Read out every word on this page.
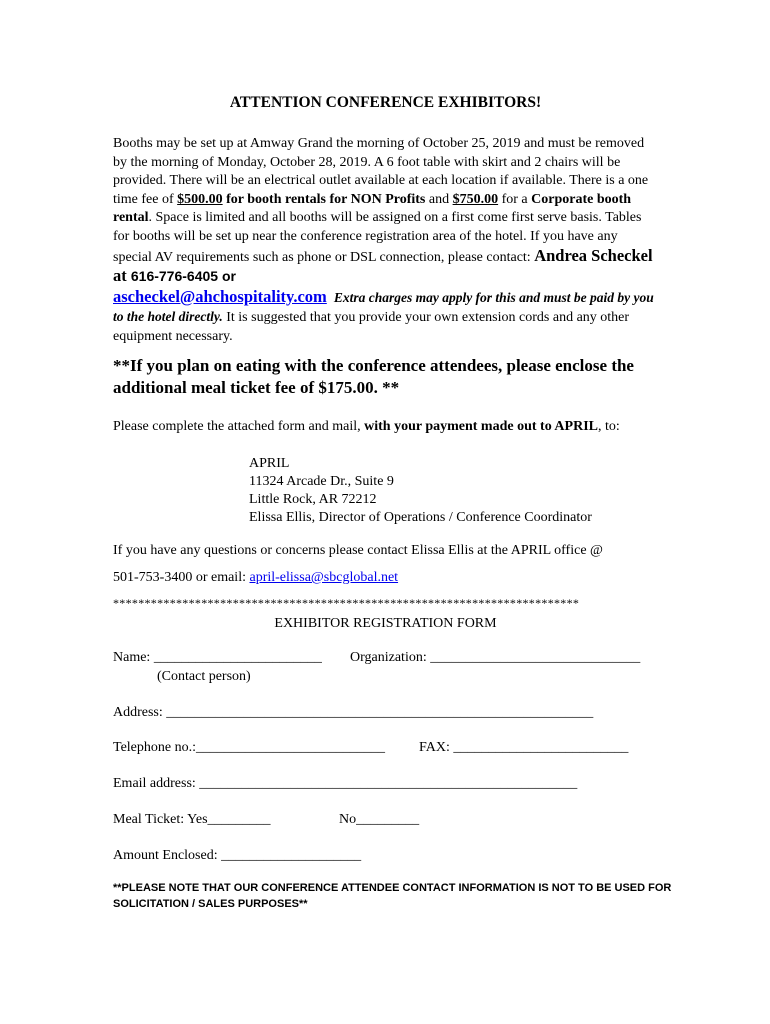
ATTENTION CONFERENCE EXHIBITORS!
Booths may be set up at Amway Grand the morning of October 25, 2019 and must be removed by the morning of Monday, October 28, 2019. A 6 foot table with skirt and 2 chairs will be provided. There will be an electrical outlet available at each location if available. There is a one time fee of $500.00 for booth rentals for NON Profits and $750.00 for a Corporate booth rental. Space is limited and all booths will be assigned on a first come first serve basis. Tables for booths will be set up near the conference registration area of the hotel. If you have any special AV requirements such as phone or DSL connection, please contact: Andrea Scheckel at 616-776-6405 or
ascheckel@ahchospitality.com Extra charges may apply for this and must be paid by you to the hotel directly. It is suggested that you provide your own extension cords and any other equipment necessary.
**If you plan on eating with the conference attendees, please enclose the additional meal ticket fee of $175.00. **
Please complete the attached form and mail, with your payment made out to APRIL, to:
APRIL
11324 Arcade Dr., Suite 9
Little Rock, AR 72212
Elissa Ellis, Director of Operations / Conference Coordinator
If you have any questions or concerns please contact Elissa Ellis at the APRIL office @
501-753-3400 or email: april-elissa@sbcglobal.net
**************************************************************************
EXHIBITOR REGISTRATION FORM
Name: ________________________ Organization: ______________________________
(Contact person)
Address: _____________________________________________________________
Telephone no.:___________________________ FAX: _________________________
Email address: ______________________________________________________
Meal Ticket: Yes_________	No_________
Amount Enclosed: ____________________
**PLEASE NOTE THAT OUR CONFERENCE ATTENDEE CONTACT INFORMATION IS NOT TO BE USED FOR SOLICITATION / SALES PURPOSES**
